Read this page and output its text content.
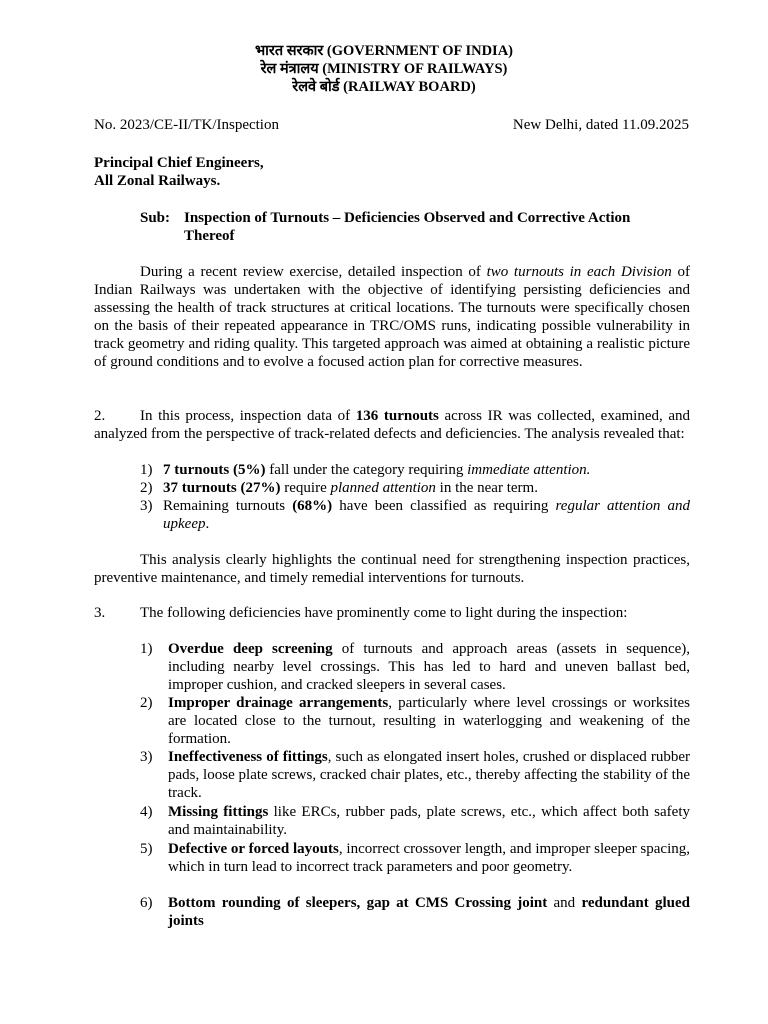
भारत सरकार (GOVERNMENT OF INDIA)
रेल मंत्रालय (MINISTRY OF RAILWAYS)
रेलवे बोर्ड (RAILWAY BOARD)
No. 2023/CE-II/TK/Inspection	New Delhi, dated 11.09.2025
Principal Chief Engineers,
All Zonal Railways.
Sub: Inspection of Turnouts – Deficiencies Observed and Corrective Action
Thereof
During a recent review exercise, detailed inspection of two turnouts in each Division of Indian Railways was undertaken with the objective of identifying persisting deficiencies and assessing the health of track structures at critical locations. The turnouts were specifically chosen on the basis of their repeated appearance in TRC/OMS runs, indicating possible vulnerability in track geometry and riding quality. This targeted approach was aimed at obtaining a realistic picture of ground conditions and to evolve a focused action plan for corrective measures.
2.	In this process, inspection data of 136 turnouts across IR was collected, examined, and analyzed from the perspective of track-related defects and deficiencies. The analysis revealed that:
1) 7 turnouts (5%) fall under the category requiring immediate attention.
2) 37 turnouts (27%) require planned attention in the near term.
3) Remaining turnouts (68%) have been classified as requiring regular attention and upkeep.
This analysis clearly highlights the continual need for strengthening inspection practices, preventive maintenance, and timely remedial interventions for turnouts.
3. The following deficiencies have prominently come to light during the inspection:
1) Overdue deep screening of turnouts and approach areas (assets in sequence), including nearby level crossings. This has led to hard and uneven ballast bed, improper cushion, and cracked sleepers in several cases.
2) Improper drainage arrangements, particularly where level crossings or worksites are located close to the turnout, resulting in waterlogging and weakening of the formation.
3) Ineffectiveness of fittings, such as elongated insert holes, crushed or displaced rubber pads, loose plate screws, cracked chair plates, etc., thereby affecting the stability of the track.
4) Missing fittings like ERCs, rubber pads, plate screws, etc., which affect both safety and maintainability.
5) Defective or forced layouts, incorrect crossover length, and improper sleeper spacing, which in turn lead to incorrect track parameters and poor geometry.
6) Bottom rounding of sleepers, gap at CMS Crossing joint and redundant glued joints
